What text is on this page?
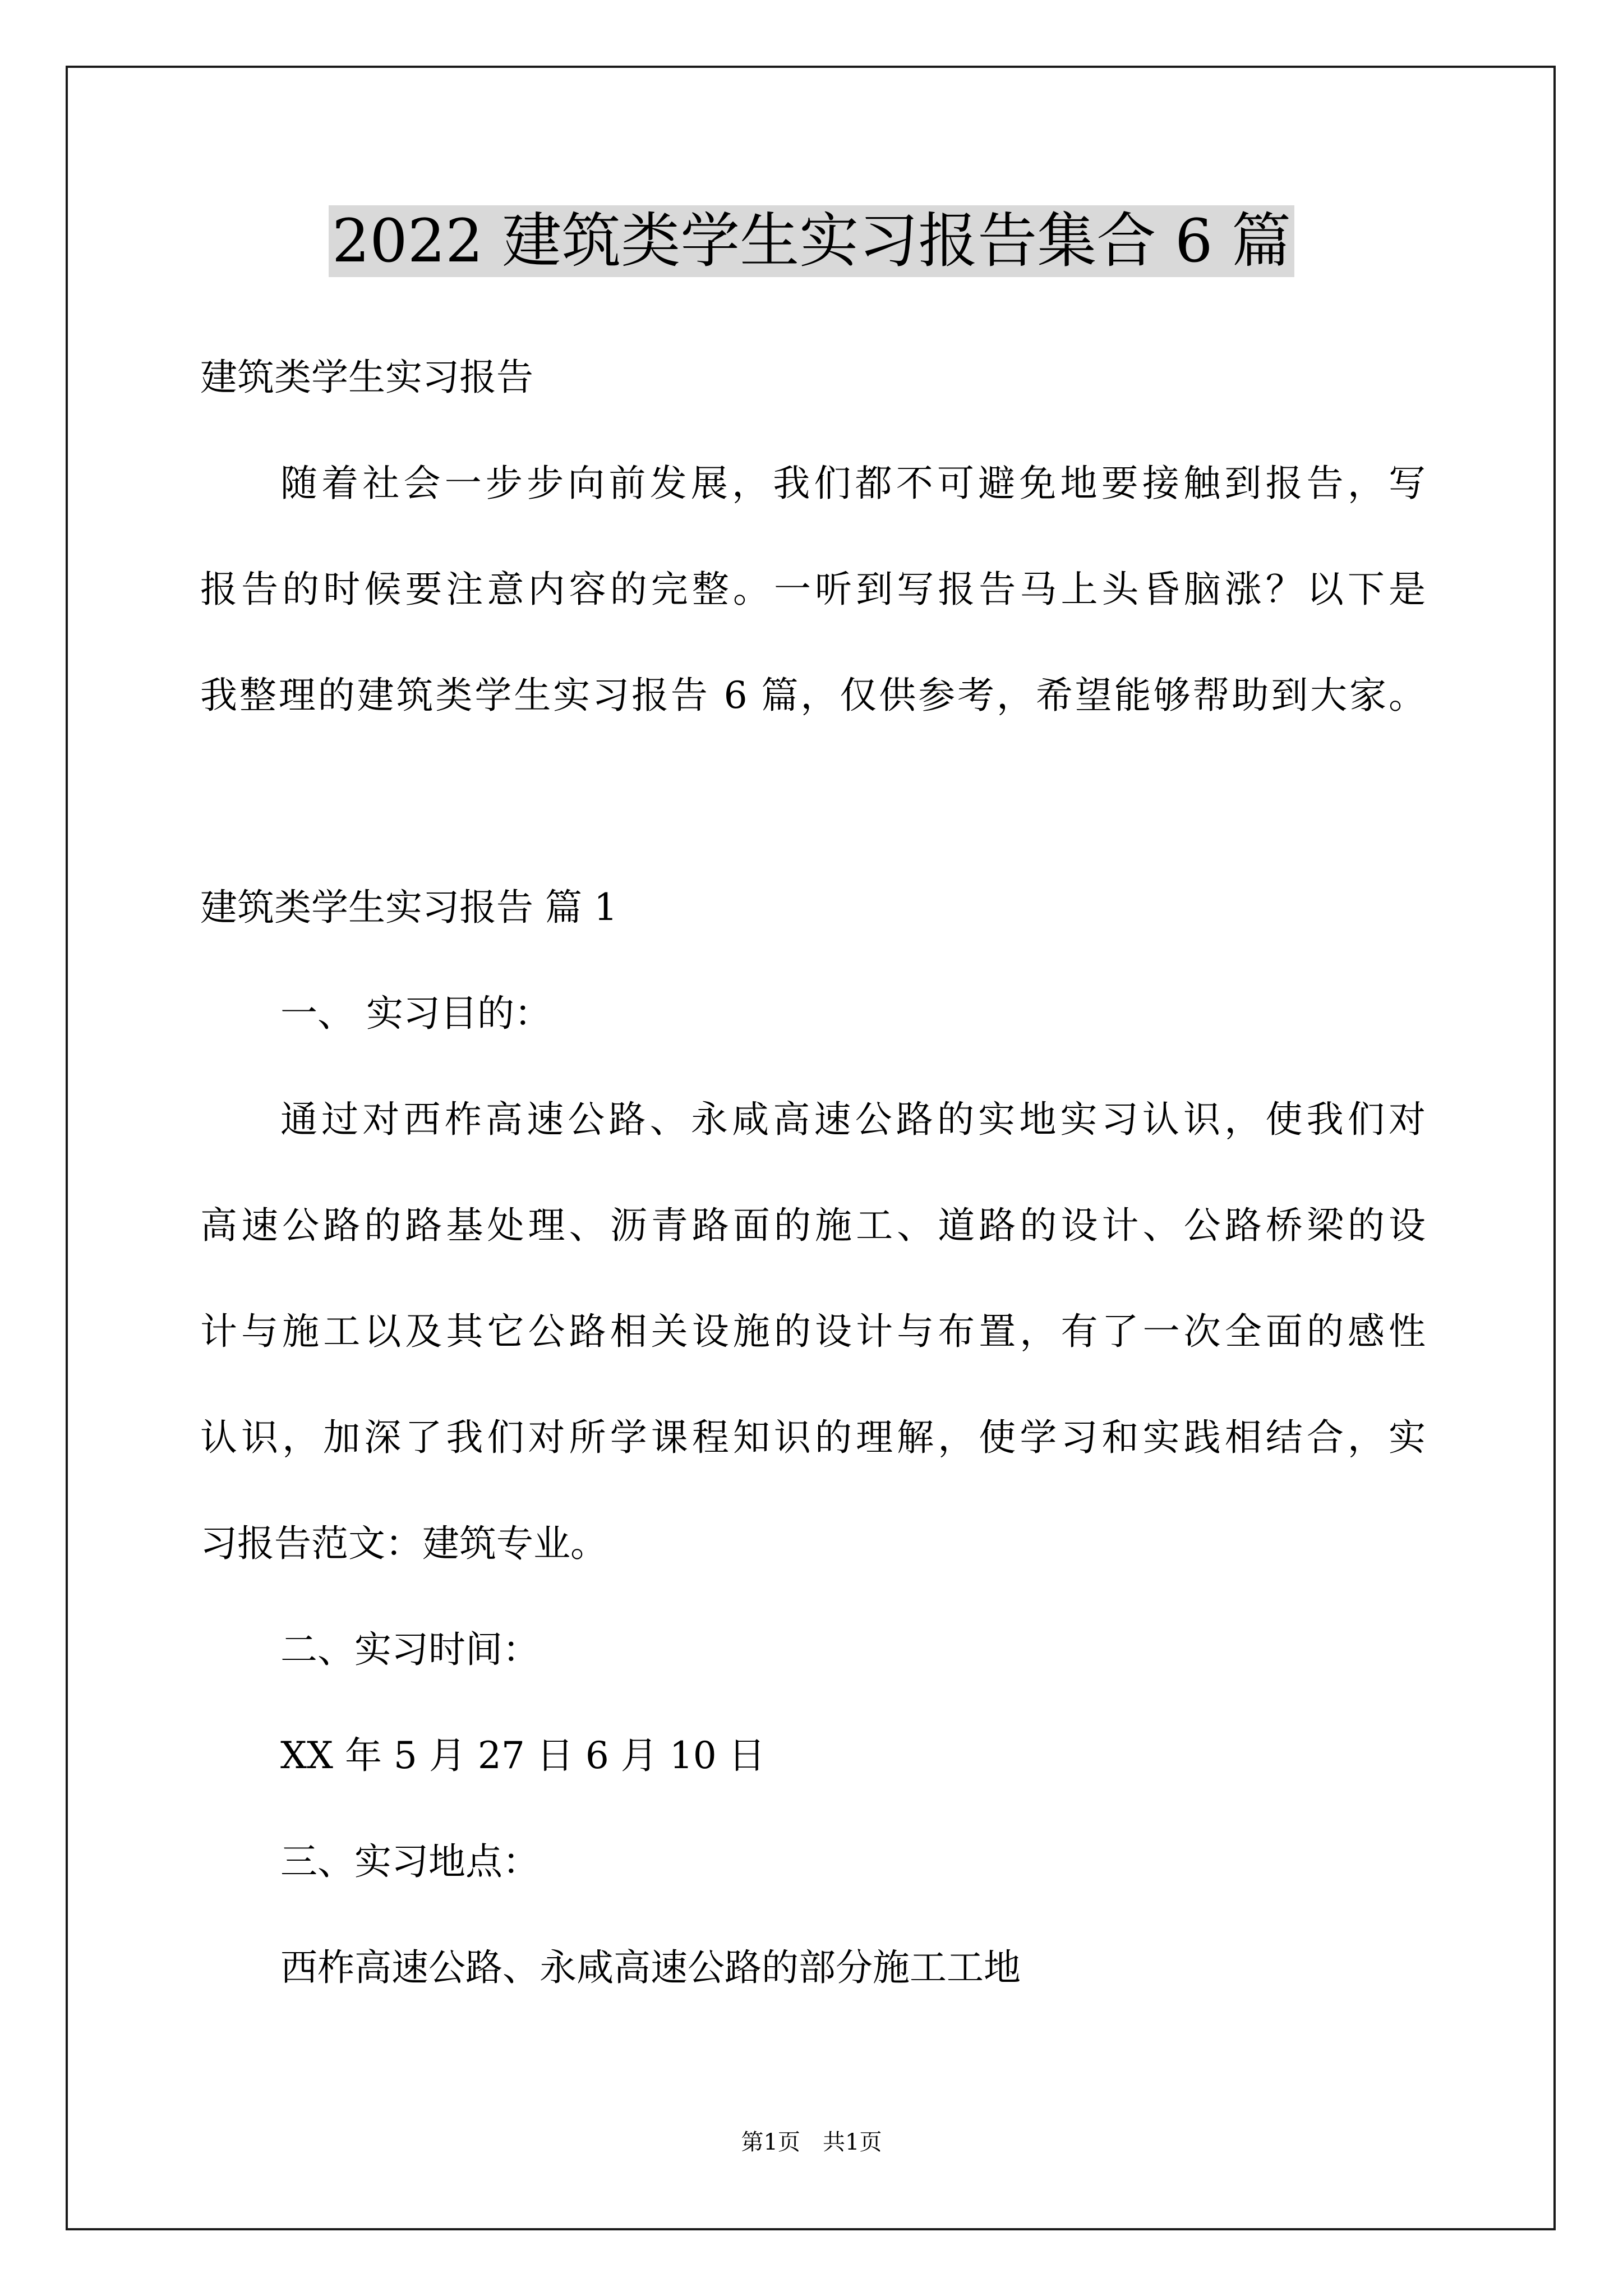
2022 建筑类学生实习报告集合 6 篇
建筑类学生实习报告
随着社会一步步向前发展，我们都不可避免地要接触到报告，写
报告的时候要注意内容的完整。一听到写报告马上头昏脑涨？以下是
我整理的建筑类学生实习报告 6 篇，仅供参考，希望能够帮助到大家。
建筑类学生实习报告 篇 1
一、 实习目的：
通过对西柞高速公路、永咸高速公路的实地实习认识，使我们对
高速公路的路基处理、沥青路面的施工、道路的设计、公路桥梁的设
计与施工以及其它公路相关设施的设计与布置，有了一次全面的感性
认识，加深了我们对所学课程知识的理解，使学习和实践相结合，实
习报告范文：建筑专业。
二、实习时间：
XX 年 5 月 27 日 6 月 10 日
三、实习地点：
西柞高速公路、永咸高速公路的部分施工工地
第1页　共1页
